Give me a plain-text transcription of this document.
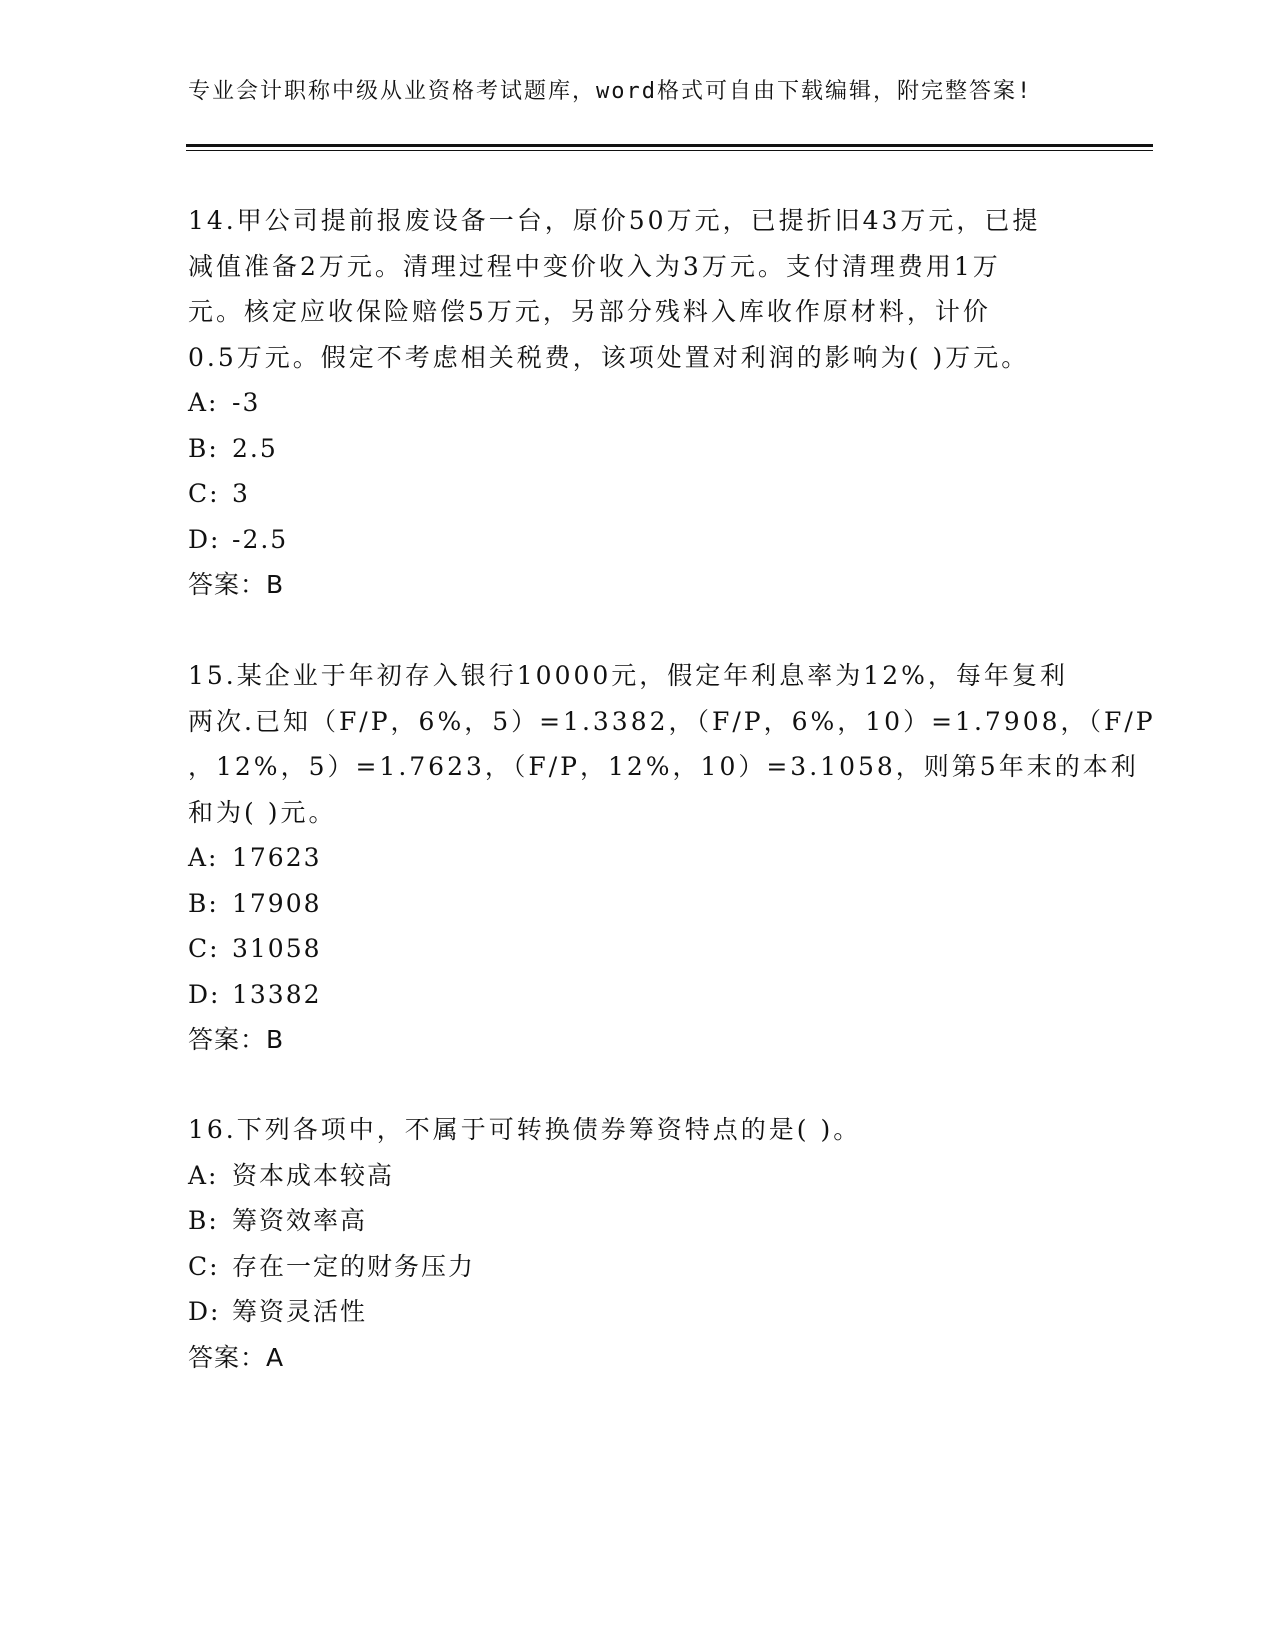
专业会计职称中级从业资格考试题库，word格式可自由下载编辑，附完整答案!
14.甲公司提前报废设备一台，原价50万元，已提折旧43万元，已提
减值准备2万元。清理过程中变价收入为3万元。支付清理费用1万
元。核定应收保险赔偿5万元，另部分残料入库收作原材料，计价
0.5万元。假定不考虑相关税费，该项处置对利润的影响为( )万元。
A: -3
B: 2.5
C: 3
D: -2.5
答案：B
15.某企业于年初存入银行10000元，假定年利息率为12%，每年复利
两次.已知（F/P，6%，5）=1.3382，（F/P，6%，10）=1.7908，（F/P
，12%，5）=1.7623，（F/P，12%，10）=3.1058，则第5年末的本利
和为( )元。
A: 17623
B: 17908
C: 31058
D: 13382
答案：B
16.下列各项中，不属于可转换债券筹资特点的是( )。
A: 资本成本较高
B: 筹资效率高
C: 存在一定的财务压力
D: 筹资灵活性
答案：A
